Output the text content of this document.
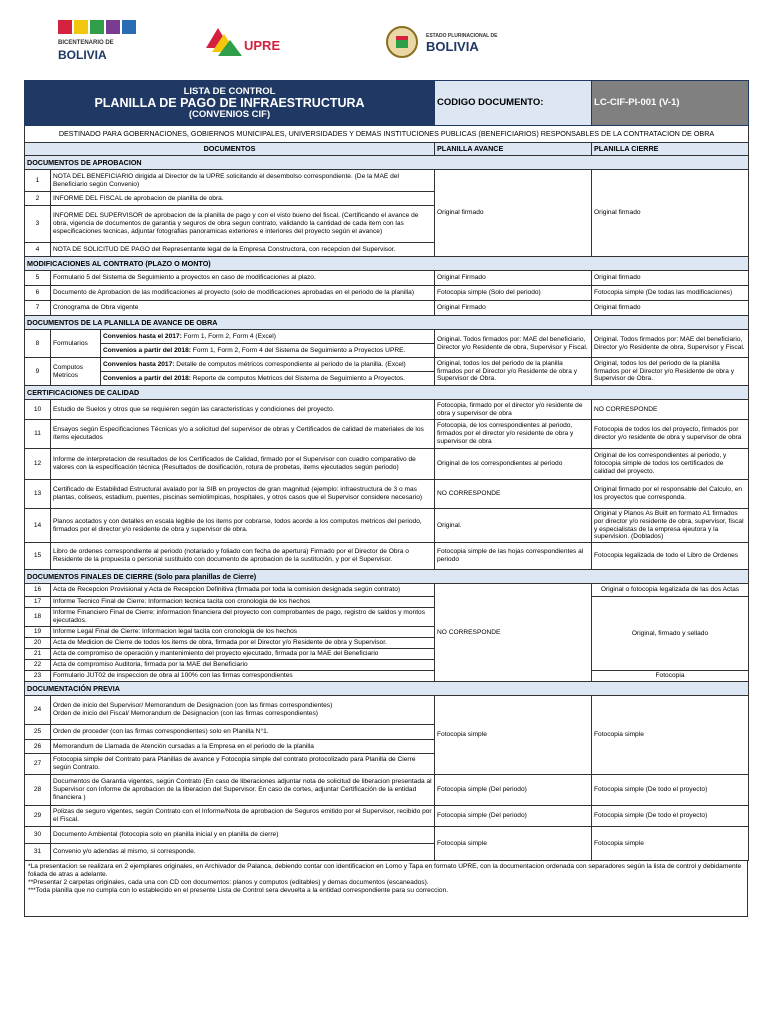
BICENTENARIO DE
BOLIVIA
UPRE
ESTADO PLURINACIONAL DE
BOLIVIA
LISTA DE CONTROL
PLANILLA DE PAGO DE INFRAESTRUCTURA
(CONVENIOS CIF)			CODIGO DOCUMENTO:	LC-CIF-PI-001 (V-1)
DESTINADO PARA GOBERNACIONES, GOBIERNOS MUNICIPALES, UNIVERSIDADES Y DEMAS INSTITUCIONES PUBLICAS (BENEFICIARIOS) RESPONSABLES DE LA CONTRATACION DE OBRA				
DOCUMENTOS			PLANILLA AVANCE	PLANILLA CIERRE
DOCUMENTOS DE APROBACION				
1	NOTA DEL BENEFICIARIO dirigida al Director de la UPRE solicitando el desembolso correspondiente. (De la MAE del Beneficiario según Convenio)		Original firmado	Original firmado
2	INFORME DEL FISCAL de aprobacion de planilla de obra.			
3	INFORME DEL SUPERVISOR de aprobacion de la planilla de pago y con el visto bueno del fiscal. (Certificando el avance de obra, vigencia de documentos de garantia y seguros de obra segun contrato, validando la cantidad de cada item con las especificaciones tecnicas, adjuntar fotografias panoramicas exteriores e interiores del proyecto según el avance)			
4	NOTA DE SOLICITUD DE PAGO del Representante legal de la Empresa Constructora, con recepcion del Supervisor.			
MODIFICACIONES AL CONTRATO (PLAZO O MONTO)				
5	Formulario 5 del Sistema de Seguimiento a proyectos en caso de modificaciones al plazo.		Original Firmado	Original firmado
6	Documento de Aprobacion de las modificaciones al proyecto (solo de modificaciones aprobadas en el periodo de la planilla)		Fotocopia simple (Solo del periodo)	Fotocopia simple (De todas las modificaciones)
7	Cronograma de Obra vigente		Original Firmado	Original firmado
DOCUMENTOS DE LA PLANILLA DE AVANCE DE OBRA				
8	Formularios	Convenios hasta el 2017: Form 1, Form 2, Form 4 (Excel)	Original. Todos firmados por: MAE del beneficiario, Director y/o Residente de obra, Supervisor y Fiscal.	Original. Todos firmados por: MAE del beneficiario, Director y/o Residente de obra, Supervisor y Fiscal.
		Convenios a partir del 2018: Form 1, Form 2, Form 4 del Sistema de Seguimiento a Proyectos UPRE.		
9	Computos Metricos	Convenios hasta 2017: Detalle de computos métricos correspondiente al periodo de la planilla. (Excel)	Original, todos los del periodo de la planilla firmados por el Director y/o Residente de obra y Supervisor de Obra.	Original, todos los del periodo de la planilla firmados por el Director y/o Residente de obra y Supervisor de Obra.
		Convenios a partir del 2018: Reporte de computos Metricos del Sistema de Seguimiento a Proyectos.		
CERTIFICACIONES DE CALIDAD				
10	Estudio de Suelos y otros que se requieren según las caracteristicas y condiciones del proyecto.		Fotocopia, firmado por el director y/o residente de obra y supervisor de obra	NO CORRESPONDE
11	Ensayos según Especificaciones Técnicas y/o a solicitud del supervisor de obras y Certificados de calidad de materiales de los ítems ejecutados		Fotocopia, de los correspondientes al periodo, firmados por el director y/o residente de obra y supervisor de obra	Fotocopia de todos los del proyecto, firmados por director y/o residente de obra y supervisor de obra
12	Informe de interpretacion de resultados de los Certificados de Calidad, firmado por el Supervisor con cuadro comparativo de valores con la especificación técnica (Resultados de dosificación, rotura de probetas, items ejecutados según periodo)		Original de los correspondientes al periodo	Original de los correspondientes al periodo, y fotocopia simple de todos los certificados de calidad del proyecto.
13	Certificado de Estabilidad Estructural avalado por la SIB en proyectos de gran magnitud (ejemplo: infraestructura de 3 o mas plantas, coliseos, estadium, puentes, piscinas semiolimpicas, hospitales, y otros casos que el Supervisor considere necesario)		NO CORRESPONDE	Original firmado por el responsable del Calculo, en los proyectos que corresponda.
14	Planos acotados y con detalles en escala legible de los items por cobrarse, todos acorde a los computos metricos del periodo, firmados por el director y/o residente de obra y supervisor de obra.		Original.	Original y Planos As Built en formato A1 firmados por director y/o residente de obra, supervisor, fiscal y especialistas de la empresa ejeutora y la supervision. (Doblados)
15	Libro de ordenes correspondiente al periodo (notariado y foliado con fecha de apertura) Firmado por el Director de Obra o Residente de la propuesta o personal sustituido con documento de aprobacion de la sustitución, y por el Supervisor.		Fotocopia simple de las hojas correspondientes al periodo	Fotocopia legalizada de todo el Libro de Ordenes
DOCUMENTOS FINALES DE CIERRE (Solo para planillas de Cierre)				
16	Acta de Recepcion Provisional y Acta de Recepcion Definitiva (firmada por toda la comision designada según contrato)		NO CORRESPONDE	Original o fotocopia legalizada de las dos Actas
17	Informe Tecnico Final de Cierre: Informacion tecnica tacita con cronologia de los hechos			Original, firmado y sellado
18	Informe Financiero Final de Cierre: informacion financiera del proyecto con comprobantes de pago, registro de saldos y montos ejecutados.			
19	Informe Legal Final de Cierre: Informacion legal tacita con cronologia de los hechos			
20	Acta de Medicion de Cierre de todos los items de obra, firmada por el Director y/o Residente de obra y Supervisor.			
21	Acta de compromiso de operación y mantenimiento del proyecto ejecutado, firmada por la MAE del Beneficiario			
22	Acta de compromiso Auditoria, firmada por la MAE del Beneficiario			
23	Formulario JUT02 de inspeccion de obra al 100% con las firmas correspondientes			Fotocopia
DOCUMENTACIÓN PREVIA				
24	Orden de inicio del Supervisor/ Memorandum de Designacion (con las firmas correspondientes)
Orden de inicio del Fiscal/ Memorandum de Designacion (con las firmas correspondientes)		Fotocopia simple	Fotocopia simple
25	Orden de proceder (con las firmas correspondientes) solo en Planilla N°1.			
26	Memorandum de Llamada de Atención cursadas a la Empresa en el periodo de la planilla			
27	Fotocopia simple del Contrato para Planillas de avance y Fotocopia simple del contrato protocolizado para Planilla de Cierre según Contrato.			
28	Documentos de Garantia vigentes, según Contrato (En caso de liberaciones adjuntar nota de solicitud de liberacion presentada al Supervisor con Informe de aprobacion de la liberacion del Supervisor. En caso de cortes, adjuntar Certificación de la entidad financiera )		Fotocopia simple (Del periodo)	Fotocopia simple (De todo el proyecto)
29	Polizas de seguro vigentes, según Contrato con el Informe/Nota de aprobacion de Seguros emitido por el Supervisor, recibido por el Fiscal.		Fotocopia simple (Del periodo)	Fotocopia simple (De todo el proyecto)
30	Documento Ambiental (fotocopia solo en planilla inicial y en planilla de cierre)		Fotocopia simple	Fotocopia simple
31	Convenio y/o adendas al mismo, si corresponde.			
*La presentacion se realizara en 2 ejemplares originales, en Archivador de Palanca, debiendo contar con identificacion en Lomo y Tapa en formato UPRE, con la documentacion ordenada con separadores según la lista de control y debidamente foliada de atras a adelante.
**Presentar 2 carpetas originales, cada una con CD con documentos: planos y computos (editables) y demas documentos (escaneados).
***Toda planilla que no cumpla con lo establecido en el presente Lista de Control sera devuelta a la entidad correspondiente para su correccion.
